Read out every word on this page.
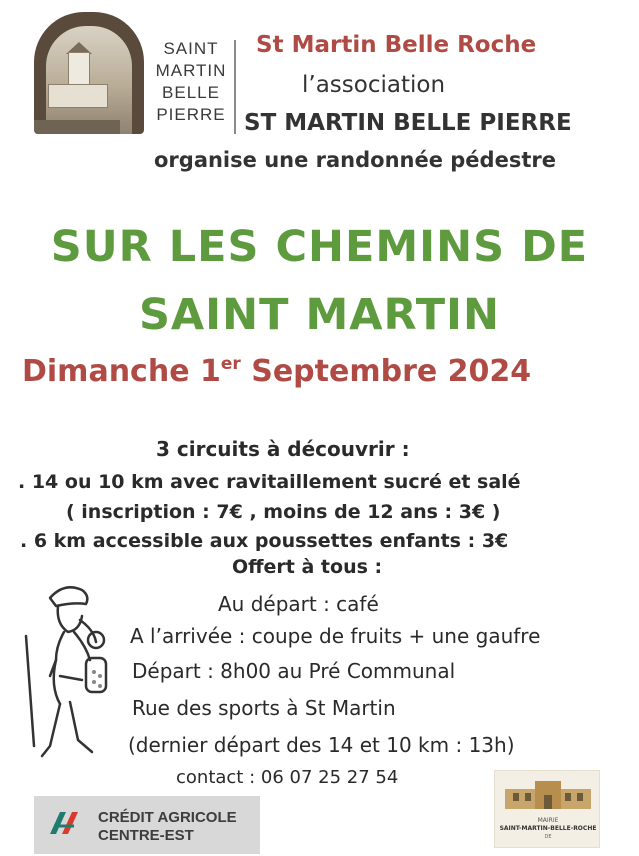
SAINT
MARTIN
BELLE
PIERRE
St Martin Belle Roche
l’association
ST MARTIN BELLE PIERRE
organise une randonnée pédestre
SUR LES CHEMINS DE
SAINT MARTIN
Dimanche 1er Septembre 2024
3 circuits à découvrir :
. 14 ou 10 km avec ravitaillement sucré et salé
( inscription : 7€ , moins de 12 ans : 3€ )
. 6 km accessible aux poussettes enfants : 3€
Offert à tous :
Au départ : café
A l’arrivée : coupe de fruits + une gaufre
Départ : 8h00 au Pré Communal
Rue des sports à St Martin
(dernier départ des 14 et 10 km : 13h)
contact : 06 07 25 27 54
CRÉDIT AGRICOLE
CENTRE-EST
MAIRIE
SAINT-MARTIN-BELLE-ROCHE
DE
